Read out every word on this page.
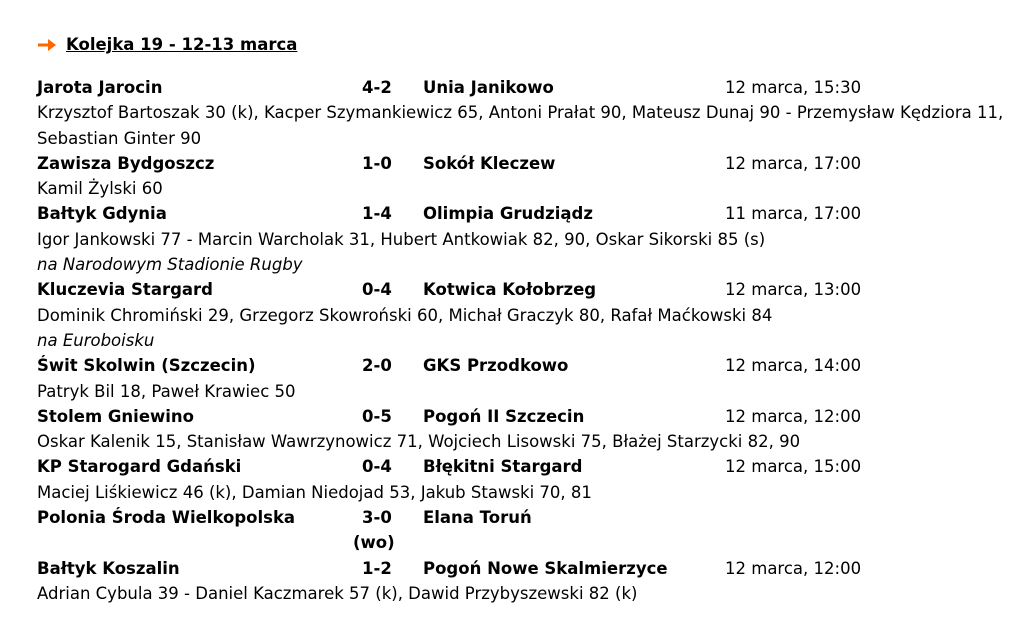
Kolejka 19 - 12-13 marca
Jarota Jarocin	4-2	Unia Janikowo	12 marca, 15:30
Krzysztof Bartoszak 30 (k), Kacper Szymankiewicz 65, Antoni Prałat 90, Mateusz Dunaj 90 - Przemysław Kędziora 11, Sebastian Ginter 90
Zawisza Bydgoszcz	1-0	Sokół Kleczew	12 marca, 17:00
Kamil Żylski 60
Bałtyk Gdynia	1-4	Olimpia Grudziądz	11 marca, 17:00
Igor Jankowski 77 - Marcin Warcholak 31, Hubert Antkowiak 82, 90, Oskar Sikorski 85 (s)
na Narodowym Stadionie Rugby
Kluczevia Stargard	0-4	Kotwica Kołobrzeg	12 marca, 13:00
Dominik Chromiński 29, Grzegorz Skowroński 60, Michał Graczyk 80, Rafał Maćkowski 84
na Euroboisku
Świt Skolwin (Szczecin)	2-0	GKS Przodkowo	12 marca, 14:00
Patryk Bil 18, Paweł Krawiec 50
Stolem Gniewino	0-5	Pogoń II Szczecin	12 marca, 12:00
Oskar Kalenik 15, Stanisław Wawrzynowicz 71, Wojciech Lisowski 75, Błażej Starzycki 82, 90
KP Starogard Gdański	0-4	Błękitni Stargard	12 marca, 15:00
Maciej Liśkiewicz 46 (k), Damian Niedojad 53, Jakub Stawski 70, 81
Polonia Środa Wielkopolska	3-0	Elana Toruń
(wo)
Bałtyk Koszalin	1-2	Pogoń Nowe Skalmierzyce	12 marca, 12:00
Adrian Cybula 39 - Daniel Kaczmarek 57 (k), Dawid Przybyszewski 82 (k)
